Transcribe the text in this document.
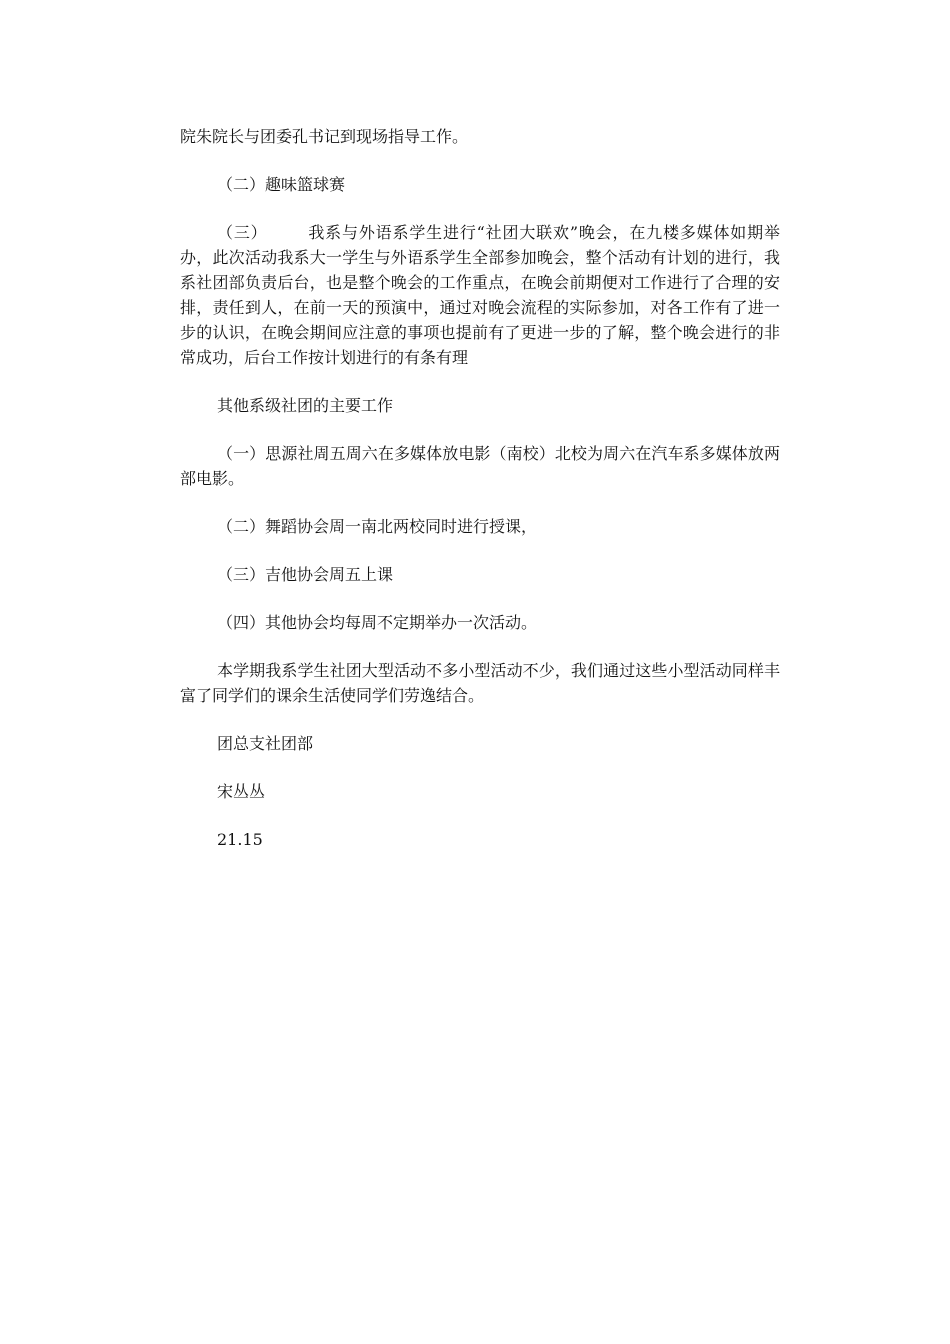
院朱院长与团委孔书记到现场指导工作。

（二）趣味篮球赛

（三）	我系与外语系学生进行“社团大联欢”晚会，在九楼多媒体如期举办，此次活动我系大一学生与外语系学生全部参加晚会，整个活动有计划的进行，我系社团部负责后台，也是整个晚会的工作重点，在晚会前期便对工作进行了合理的安排，责任到人，在前一天的预演中，通过对晚会流程的实际参加，对各工作有了进一步的认识，在晚会期间应注意的事项也提前有了更进一步的了解，整个晚会进行的非常成功，后台工作按计划进行的有条有理

其他系级社团的主要工作

（一）思源社周五周六在多媒体放电影（南校）北校为周六在汽车系多媒体放两部电影。

（二）舞蹈协会周一南北两校同时进行授课，

（三）吉他协会周五上课

（四）其他协会均每周不定期举办一次活动。

本学期我系学生社团大型活动不多小型活动不少，我们通过这些小型活动同样丰富了同学们的课余生活使同学们劳逸结合。

团总支社团部

宋丛丛

21.15
